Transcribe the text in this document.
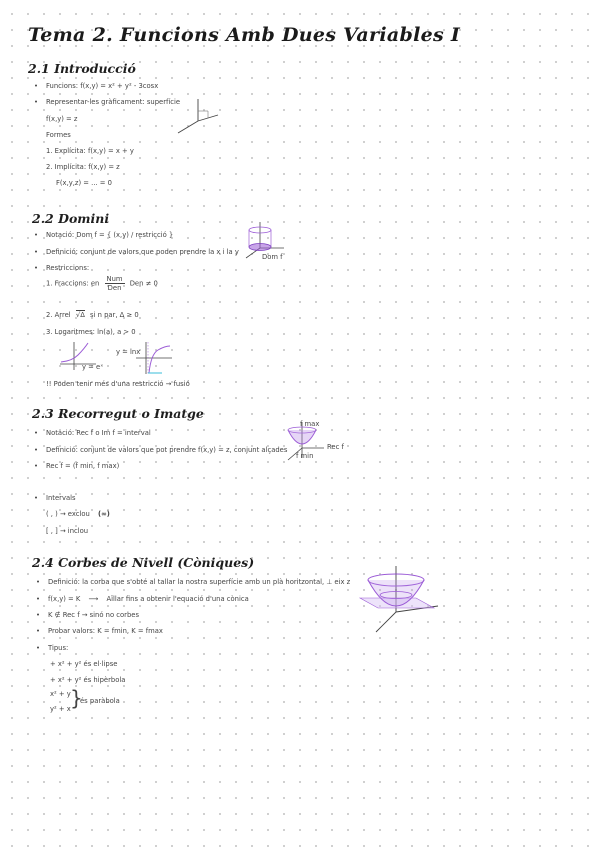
Tema 2. Funcions Amb Dues Variables I
2.1 Introducció
• Funcions: f(x,y) = x² + y² - 3cosx
• Representar-les gràficament: superfície
f(x,y) = z
Formes
1. Explícita: f(x,y) = x + y
2. Implícita: f(x,y) = z
F(x,y,z) = ... = 0
2.2 Domini
• Notació: Dom f = { (x,y) / restricció }
• Definició: conjunt de valors que poden prendre la x i la y
• Restriccions:
1. Fraccions: en $\frac{\text{Num}}{\text{Den}}$ Den ≠ 0
2. Arrel √Δ si n par, Δ ≥ 0
3. Logaritmes: ln(a), a > 0
Dom f
y = eˣ
y = lnx
!! Poden tenir més d'una restricció → fusió
2.3 Recorregut o Imatge
• Notació: Rec f o Im f = interval
• Definició: conjunt de valors que pot prendre f(x,y) = z, conjunt alçades
• Rec f = (f min, f max)
f max
f min
Rec f
• Intervals
( , ) → exclou (∞)
[ , ] → inclou
2.4 Corbes de Nivell (Còniques)
• Definició: la corba que s'obté al tallar la nostra superfície amb un plà horitzontal, ⊥ eix z
• f(x,y) = K ⟶ Aïllar fins a obtenir l'equació d'una cònica
• K ∉ Rec f → sinó no corbes
• Probar valors: K = fmin, K = fmax
• Tipus:
+ x² + y² és el·lipse
+ x² + y² és hipèrbola
x² + y
y² + x }
és paràbola
